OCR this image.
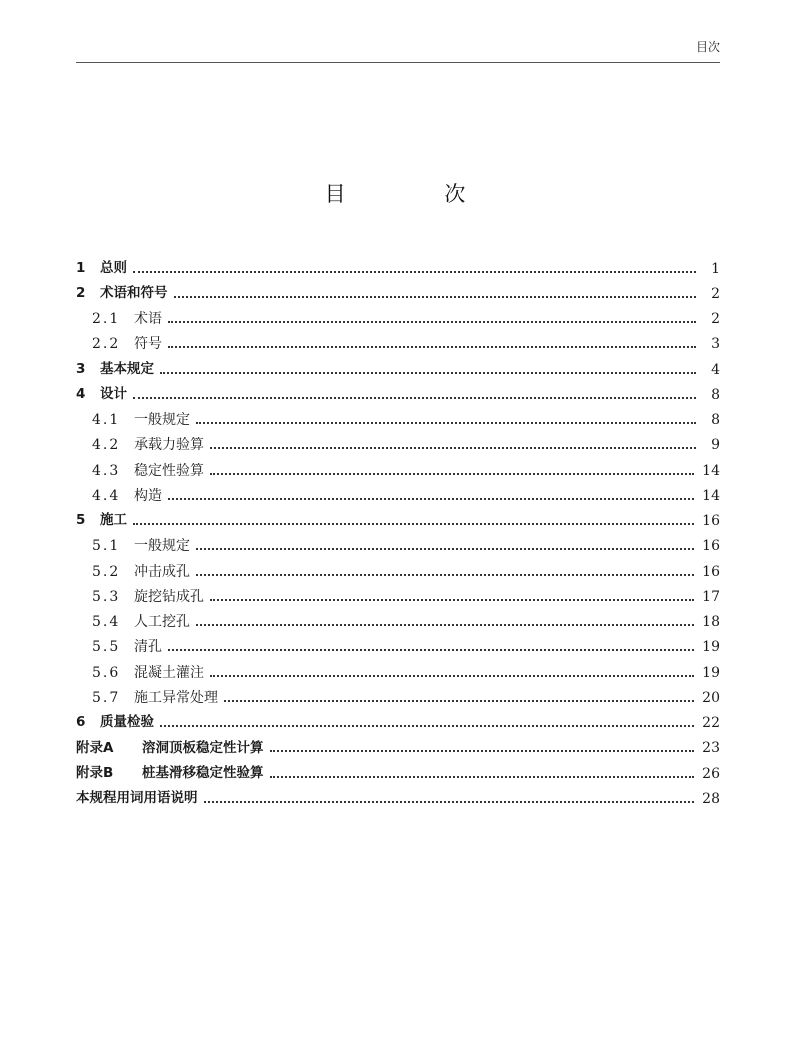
目次
目 次
1	总则	1
2	术语和符号	2
2.1 术语	2
2.2 符号	3
3	基本规定	4
4	设计	8
4.1 一般规定	8
4.2 承载力验算	9
4.3 稳定性验算	14
4.4 构造	14
5	施工	16
5.1 一般规定	16
5.2 冲击成孔	16
5.3 旋挖钻成孔	17
5.4 人工挖孔	18
5.5 清孔	19
5.6 混凝土灌注	19
5.7 施工异常处理	20
6	质量检验	22
附录A	溶洞顶板稳定性计算	23
附录B	桩基滑移稳定性验算	26
本规程用词用语说明	28
